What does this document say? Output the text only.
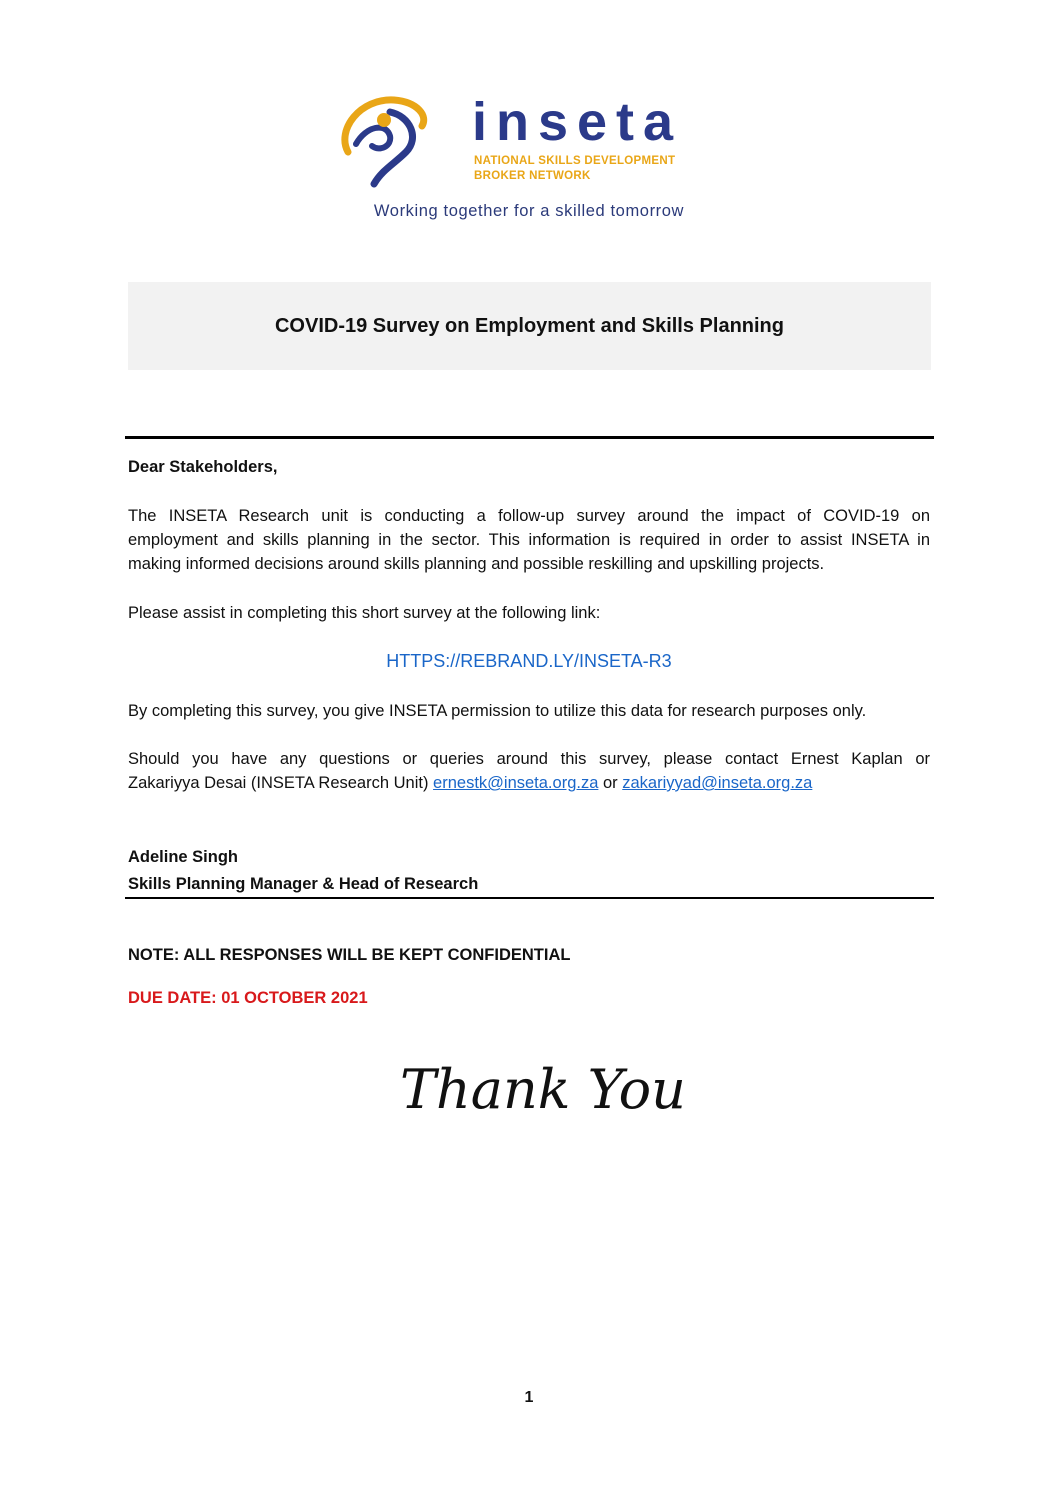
inseta
NATIONAL SKILLS DEVELOPMENT
BROKER NETWORK
Working together for a skilled tomorrow
COVID-19 Survey on Employment and Skills Planning
Dear Stakeholders,
The INSETA Research unit is conducting a follow-up survey around the impact of COVID-19 on
employment and skills planning in the sector. This information is required in order to assist INSETA in
making informed decisions around skills planning and possible reskilling and upskilling projects.
Please assist in completing this short survey at the following link:
HTTPS://REBRAND.LY/INSETA-R3
By completing this survey, you give INSETA permission to utilize this data for research purposes only.
Should you have any questions or queries around this survey, please contact Ernest Kaplan or
Zakariyya Desai (INSETA Research Unit) ernestk@inseta.org.za or zakariyyad@inseta.org.za
Adeline Singh
Skills Planning Manager & Head of Research
NOTE: ALL RESPONSES WILL BE KEPT CONFIDENTIAL
DUE DATE: 01 OCTOBER 2021
Thank You
1
